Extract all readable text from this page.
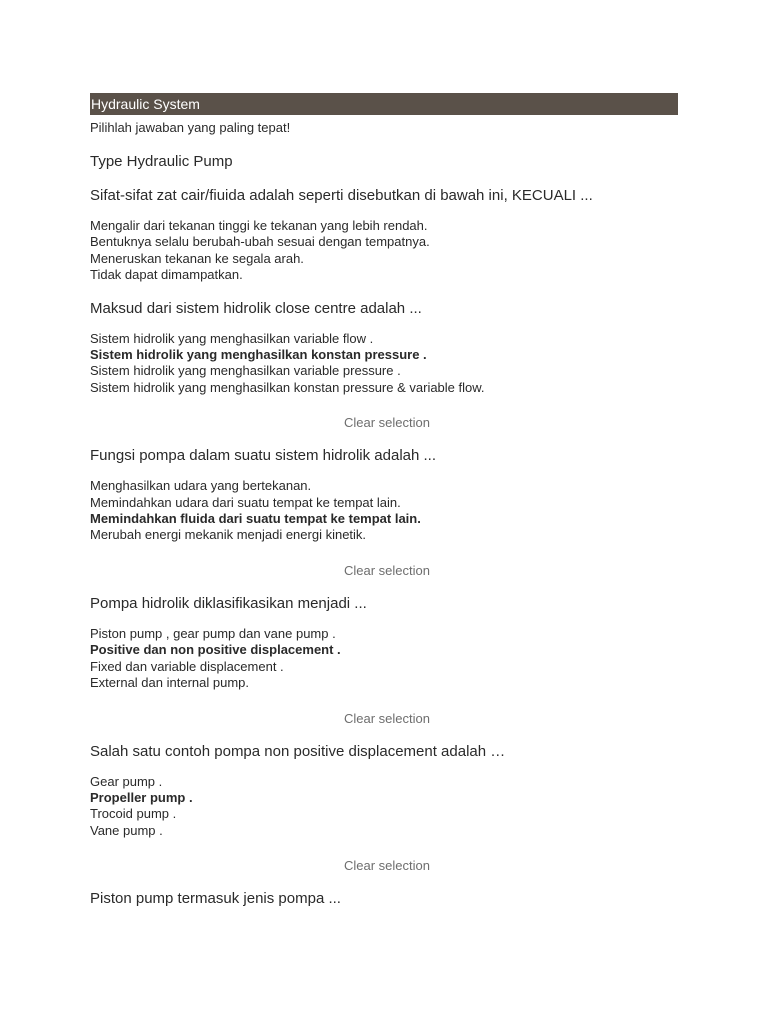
Hydraulic System
Pilihlah jawaban yang paling tepat!
Type Hydraulic Pump
Sifat-sifat zat cair/fiuida adalah seperti disebutkan di bawah ini, KECUALI ...
Mengalir dari tekanan tinggi ke tekanan yang lebih rendah.
Bentuknya selalu berubah-ubah sesuai dengan tempatnya.
Meneruskan tekanan ke segala arah.
Tidak dapat dimampatkan.
Maksud dari sistem hidrolik close centre adalah ...
Sistem hidrolik yang menghasilkan variable flow .
Sistem hidrolik yang menghasilkan konstan pressure .
Sistem hidrolik yang menghasilkan variable pressure .
Sistem hidrolik yang menghasilkan konstan pressure & variable flow.
Clear selection
Fungsi pompa dalam suatu sistem hidrolik adalah ...
Menghasilkan udara yang bertekanan.
Memindahkan udara dari suatu tempat ke tempat lain.
Memindahkan fluida dari suatu tempat ke tempat lain.
Merubah energi mekanik menjadi energi kinetik.
Clear selection
Pompa hidrolik diklasifikasikan menjadi ...
Piston pump , gear pump dan vane pump .
Positive dan non positive displacement .
Fixed dan variable displacement .
External dan internal pump.
Clear selection
Salah satu contoh pompa non positive displacement adalah …
Gear pump .
Propeller pump .
Trocoid pump .
Vane pump .
Clear selection
Piston pump termasuk jenis pompa ...
